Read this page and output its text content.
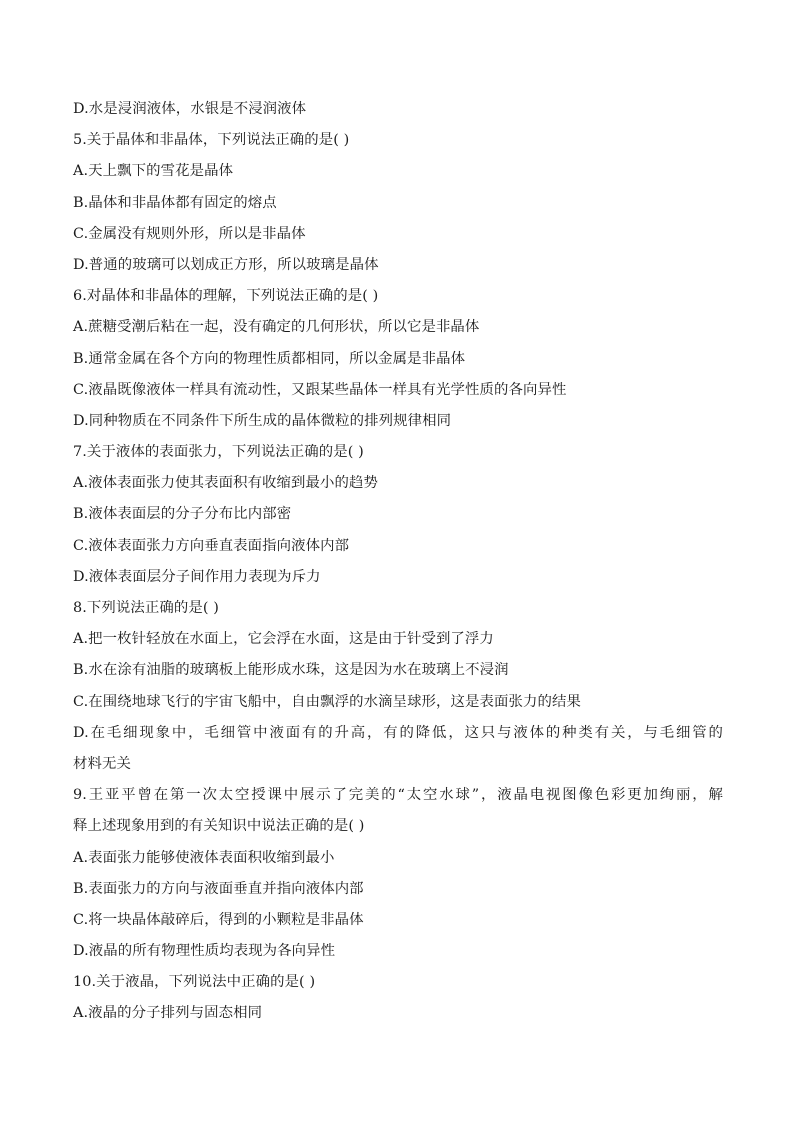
D.水是浸润液体，水银是不浸润液体
5.关于晶体和非晶体，下列说法正确的是( )
A.天上飘下的雪花是晶体
B.晶体和非晶体都有固定的熔点
C.金属没有规则外形，所以是非晶体
D.普通的玻璃可以划成正方形，所以玻璃是晶体
6.对晶体和非晶体的理解，下列说法正确的是( )
A.蔗糖受潮后粘在一起，没有确定的几何形状，所以它是非晶体
B.通常金属在各个方向的物理性质都相同，所以金属是非晶体
C.液晶既像液体一样具有流动性，又跟某些晶体一样具有光学性质的各向异性
D.同种物质在不同条件下所生成的晶体微粒的排列规律相同
7.关于液体的表面张力，下列说法正确的是( )
A.液体表面张力使其表面积有收缩到最小的趋势
B.液体表面层的分子分布比内部密
C.液体表面张力方向垂直表面指向液体内部
D.液体表面层分子间作用力表现为斥力
8.下列说法正确的是( )
A.把一枚针轻放在水面上，它会浮在水面，这是由于针受到了浮力
B.水在涂有油脂的玻璃板上能形成水珠，这是因为水在玻璃上不浸润
C.在围绕地球飞行的宇宙飞船中，自由飘浮的水滴呈球形，这是表面张力的结果
D.在毛细现象中，毛细管中液面有的升高，有的降低，这只与液体的种类有关，与毛细管的
材料无关
9.王亚平曾在第一次太空授课中展示了完美的“太空水球”，液晶电视图像色彩更加绚丽，解
释上述现象用到的有关知识中说法正确的是( )
A.表面张力能够使液体表面积收缩到最小
B.表面张力的方向与液面垂直并指向液体内部
C.将一块晶体敲碎后，得到的小颗粒是非晶体
D.液晶的所有物理性质均表现为各向异性
10.关于液晶，下列说法中正确的是( )
A.液晶的分子排列与固态相同
